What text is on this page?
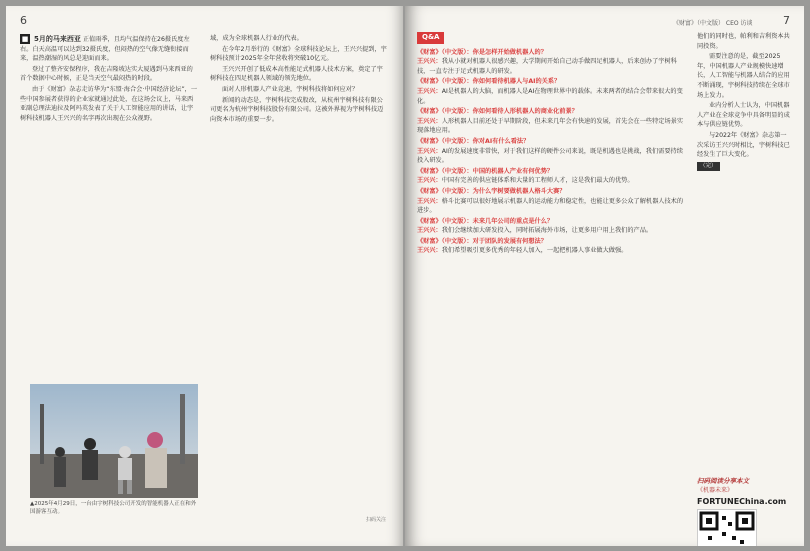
6

■ 5月的马来西亚 正值雨季，且均气温保持在26摄氏度左右。白天高温可以达到32摄氏度，但闷热的空气像无缝衔接而来，温热潮湿的风总是迎面而来。

登过了整齐安保程序，我在吉隆坡达实大厦遇到马来西亚的首个数据中心时候，正是当天空气最闷热的时段。

由于《财富》杂志走访华为“东盟·海合会·中国经济论坛”，一些中国参展者获得的企业家就通过此处，在这场会议上，马来西亚副总理法迪拉及阿玛英发表了关于人工智能应用的讲话，让宇树科技机器人王兴兴的名字再次出现在公众视野。

域，成为全球机器人行业的代表。

在今年2月举行的《财富》全球科技论坛上，王兴兴提到，宇树科技预计2025年全年营收将突破10亿元。

王兴兴开创了低成本高性能足式机器人技术方案，奠定了宇树科技在四足机器人领域的领先地位。

面对人形机器人产业竞速，宇树科技将如何应对？

新闻的动态是，宇树科技完成股改，从杭州宇树科技有限公司更名为杭州宇树科技股份有限公司。这被外界视为宇树科技迈向资本市场的重要一步。

▲2025年4月29日，一台由宇树科技公司开发的智能机器人正在和外国游客互动。
扫码关注
《财富》（中文版） CEO 访谈	7
Q&A

《财富》（中文版）：你是怎样开始做机器人的？
王兴兴：我从小就对机器人很感兴趣，大学期间开始自己动手做四足机器人，后来创办了宇树科技，一直专注于足式机器人的研发。

《财富》（中文版）：你如何看待机器人与AI的关系？
王兴兴：AI是机器人的大脑，而机器人是AI在物理世界中的载体。未来两者的结合会带来很大的变化。

《财富》（中文版）：你如何看待人形机器人的商业化前景？
王兴兴：人形机器人目前还处于早期阶段，但未来几年会有快速的发展，首先会在一些特定场景实现落地应用。

《财富》（中文版）：你对AI有什么看法？
王兴兴：AI的发展速度非常快，对于我们这样的硬件公司来说，既是机遇也是挑战，我们需要持续投入研发。

《财富》（中文版）：中国的机器人产业有何优势？
王兴兴：中国有完善的供应链体系和大量的工程师人才，这是我们最大的优势。

《财富》（中文版）：为什么宇树要做机器人格斗大赛？
王兴兴：格斗比赛可以很好地展示机器人的运动能力和稳定性，也能让更多公众了解机器人技术的进步。

《财富》（中文版）：未来几年公司的重点是什么？
王兴兴：我们会继续加大研发投入，同时拓展海外市场，让更多用户用上我们的产品。

《财富》（中文版）：对于团队的发展有何想法？
王兴兴：我们希望吸引更多优秀的年轻人加入，一起把机器人事业做大做强。

他们的同时也，帕利和吉利资本共同投资。

需要注意的是，截至2025年，中国机器人产业规模快速增长，人工智能与机器人结合的应用不断涌现，宇树科技持续在全球市场上发力。

业内分析人士认为，中国机器人产业在全球竞争中具备明显的成本与供应链优势。

与2022年《财富》杂志第一次采访王兴兴时相比，宇树科技已经发生了巨大变化。

（完）
扫码阅读分享本文
《机器未来》
FORTUNEChina.com
